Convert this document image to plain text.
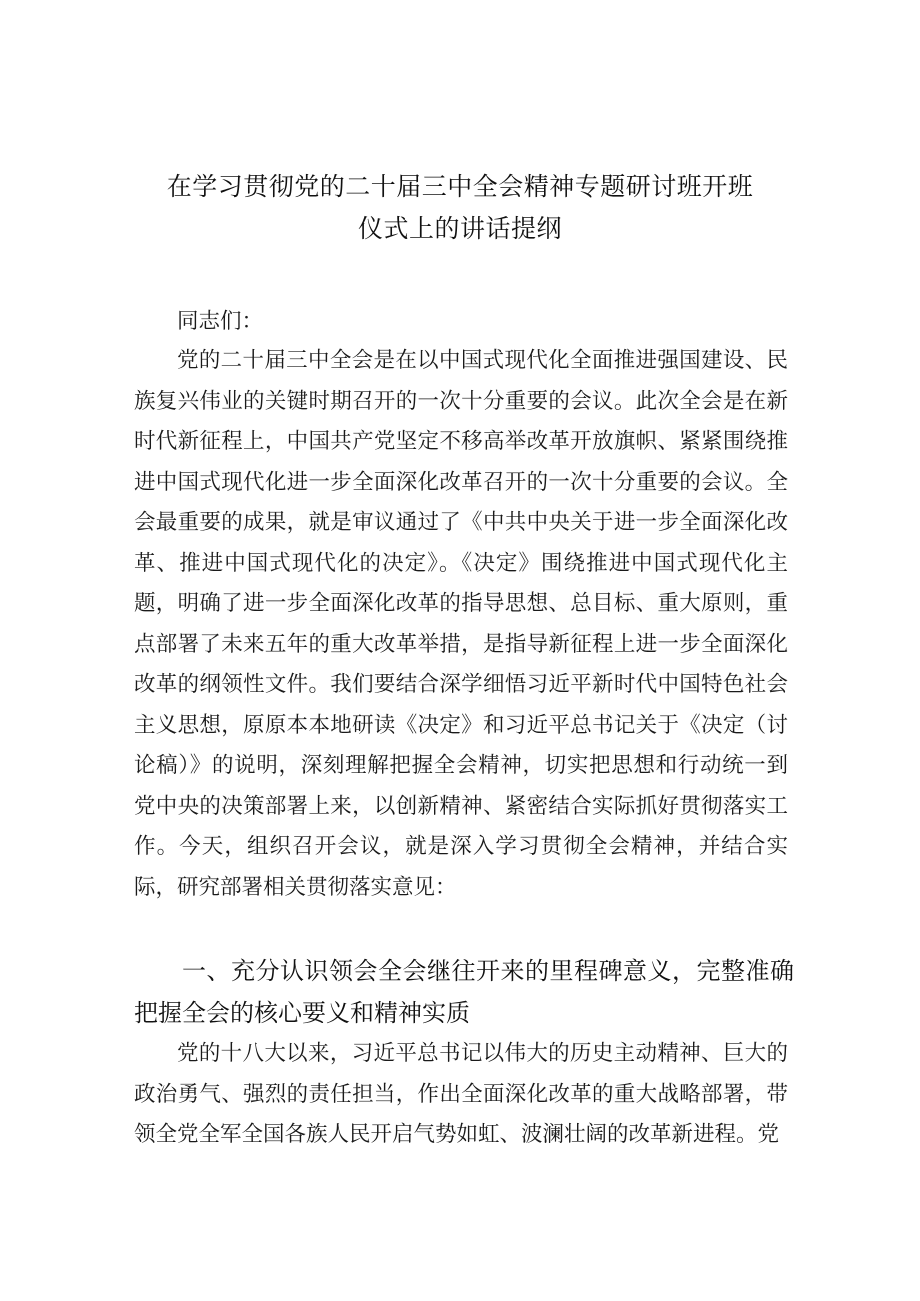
在学习贯彻党的二十届三中全会精神专题研讨班开班
仪式上的讲话提纲

同志们：

党的二十届三中全会是在以中国式现代化全面推进强国建设、民族复兴伟业的关键时期召开的一次十分重要的会议。此次全会是在新时代新征程上，中国共产党坚定不移高举改革开放旗帜、紧紧围绕推进中国式现代化进一步全面深化改革召开的一次十分重要的会议。全会最重要的成果，就是审议通过了《中共中央关于进一步全面深化改革、推进中国式现代化的决定》。《决定》围绕推进中国式现代化主题，明确了进一步全面深化改革的指导思想、总目标、重大原则，重点部署了未来五年的重大改革举措，是指导新征程上进一步全面深化改革的纲领性文件。我们要结合深学细悟习近平新时代中国特色社会主义思想，原原本本地研读《决定》和习近平总书记关于《决定（讨论稿）》的说明，深刻理解把握全会精神，切实把思想和行动统一到党中央的决策部署上来，以创新精神、紧密结合实际抓好贯彻落实工作。今天，组织召开会议，就是深入学习贯彻全会精神，并结合实际，研究部署相关贯彻落实意见：

一、充分认识领会全会继往开来的里程碑意义，完整准确把握全会的核心要义和精神实质

党的十八大以来，习近平总书记以伟大的历史主动精神、巨大的政治勇气、强烈的责任担当，作出全面深化改革的重大战略部署，带领全党全军全国各族人民开启气势如虹、波澜壮阔的改革新进程。党
